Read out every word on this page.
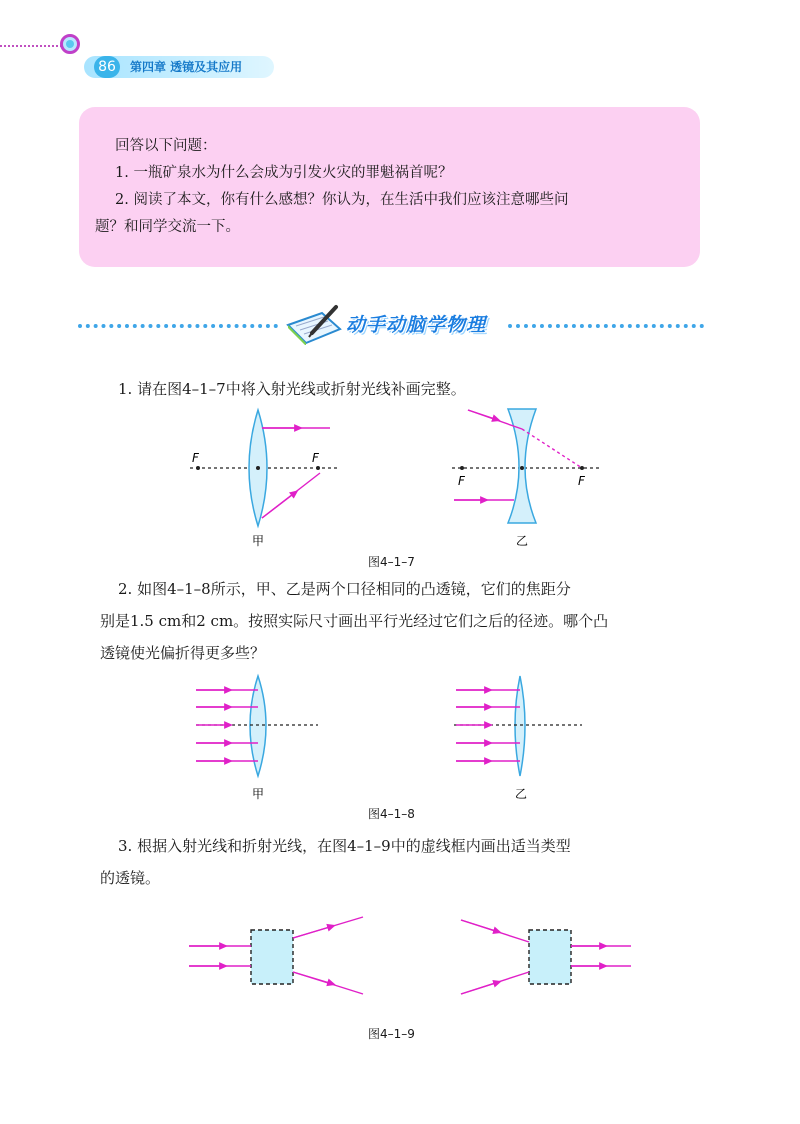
86	第四章 透镜及其应用

回答以下问题：

1. 一瓶矿泉水为什么会成为引发火灾的罪魁祸首呢？

2. 阅读了本文，你有什么感想？你认为，在生活中我们应该注意哪些问

题？和同学交流一下。

动手动脑学物理

1. 请在图4–1–7中将入射光线或折射光线补画完整。

F	F
甲
F	F
乙
图4–1–7

2. 如图4–1–8所示，甲、乙是两个口径相同的凸透镜，它们的焦距分

别是1.5 cm和2 cm。按照实际尺寸画出平行光经过它们之后的径迹。哪个凸

透镜使光偏折得更多些？

甲	乙
图4–1–8

3. 根据入射光线和折射光线，在图4–1–9中的虚线框内画出适当类型

的透镜。

图4–1–9
